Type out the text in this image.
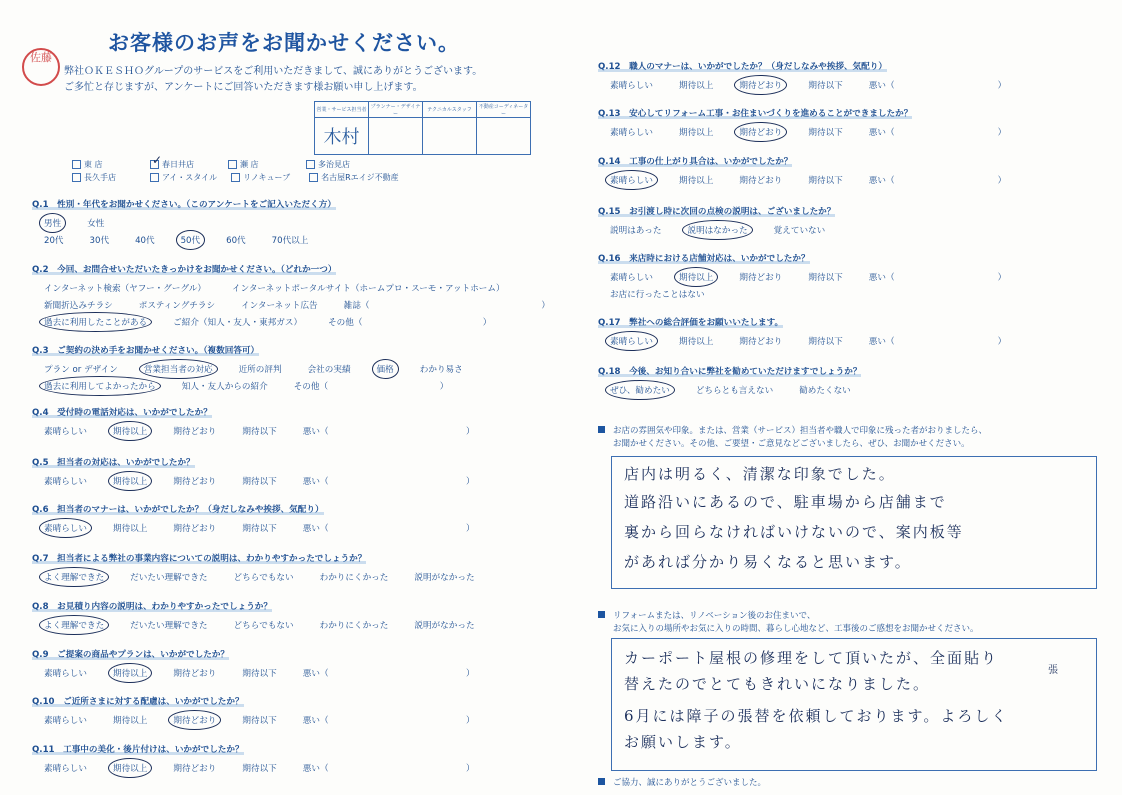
お客様のお声をお聞かせください。
佐藤
弊社ＯＫＥＳＨＯグループのサービスをご利用いただきまして、誠にありがとうございます。
ご多忙と存じますが、アンケートにご回答いただきます様お願い申し上げます。
営業・サービス担当者	プランナー・デザイナー	テクニカルスタッフ	不動産コーディネーター
木村			
東 店	✓ 春日井店	瀬 店	多治見店
長久手店	アイ・スタイル	リノキューブ	名古屋Rエイジ不動産
Q.1　性別・年代をお聞かせください。（このアンケートをご記入いただく方）
男性	女性
20代	30代	40代	50代	60代	70代以上
Q.2　今回、お問合せいただいたきっかけをお聞かせください。（どれか一つ）
インターネット検索（ヤフー・グーグル）	インターネットポータルサイト（ホームプロ・スーモ・アットホーム）
新聞折込みチラシ	ポスティングチラシ	インターネット広告	雑誌（　　　　　　　　　　　　　　　　　　　　）
過去に利用したことがある	ご紹介（知人・友人・東邦ガス）	その他（　　　　　　　　　　　　　　）
Q.3　ご契約の決め手をお聞かせください。（複数回答可）
プラン or デザイン	営業担当者の対応	近所の評判	会社の実績	価格	わかり易さ
過去に利用してよかったから	知人・友人からの紹介	その他（　　　　　　　　　　　　　）
Q.4　受付時の電話対応は、いかがでしたか？
素晴らしい	期待以上	期待どおり	期待以下	悪い（　　　　　　　　　　　　　　　　）
Q.5　担当者の対応は、いかがでしたか？
素晴らしい	期待以上	期待どおり	期待以下	悪い（　　　　　　　　　　　　　　　　）
Q.6　担当者のマナーは、いかがでしたか？（身だしなみや挨拶、気配り）
素晴らしい	期待以上	期待どおり	期待以下	悪い（　　　　　　　　　　　　　　　　）
Q.7　担当者による弊社の事業内容についての説明は、わかりやすかったでしょうか？
よく理解できた	だいたい理解できた	どちらでもない	わかりにくかった	説明がなかった
Q.8　お見積り内容の説明は、わかりやすかったでしょうか？
よく理解できた	だいたい理解できた	どちらでもない	わかりにくかった	説明がなかった
Q.9　ご提案の商品やプランは、いかがでしたか？
素晴らしい	期待以上	期待どおり	期待以下	悪い（　　　　　　　　　　　　　　　　）
Q.10　ご近所さまに対する配慮は、いかがでしたか？
素晴らしい	期待以上	期待どおり	期待以下	悪い（　　　　　　　　　　　　　　　　）
Q.11　工事中の美化・後片付けは、いかがでしたか？
素晴らしい	期待以上	期待どおり	期待以下	悪い（　　　　　　　　　　　　　　　　）
Q.12　職人のマナーは、いかがでしたか？（身だしなみや挨拶、気配り）
素晴らしい	期待以上	期待どおり	期待以下	悪い（　　　　　　　　　　　　）
Q.13　安心してリフォーム工事・お住まいづくりを進めることができましたか？
素晴らしい	期待以上	期待どおり	期待以下	悪い（　　　　　　　　　　　　）
Q.14　工事の仕上がり具合は、いかがでしたか？
素晴らしい	期待以上	期待どおり	期待以下	悪い（　　　　　　　　　　　　）
Q.15　お引渡し時に次回の点検の説明は、ございましたか？
説明はあった	説明はなかった	覚えていない
Q.16　来店時における店舗対応は、いかがでしたか？
素晴らしい	期待以上	期待どおり	期待以下	悪い（　　　　　　　　　　　　）
お店に行ったことはない
Q.17　弊社への総合評価をお願いいたします。
素晴らしい	期待以上	期待どおり	期待以下	悪い（　　　　　　　　　　　　）
Q.18　今後、お知り合いに弊社を勧めていただけますでしょうか？
ぜひ、勧めたい	どちらとも言えない	勧めたくない
お店の雰囲気や印象。または、営業（サービス）担当者や職人で印象に残った者がおりましたら、
お聞かせください。その他、ご要望・ご意見などございましたら、ぜひ、お聞かせください。
店内は明るく、清潔な印象でした。
道路沿いにあるので、駐車場から店舗まで
裏から回らなければいけないので、案内板等
があれば分かり易くなると思います。
リフォームまたは、リノベーション後のお住まいで、
お気に入りの場所やお気に入りの時間、暮らし心地など、工事後のご感想をお聞かせください。
カーポート屋根の修理をして頂いたが、全面貼り
張
替えたのでとてもきれいになりました。
6月には障子の張替を依頼しております。よろしく
お願いします。
ご協力、誠にありがとうございました。
